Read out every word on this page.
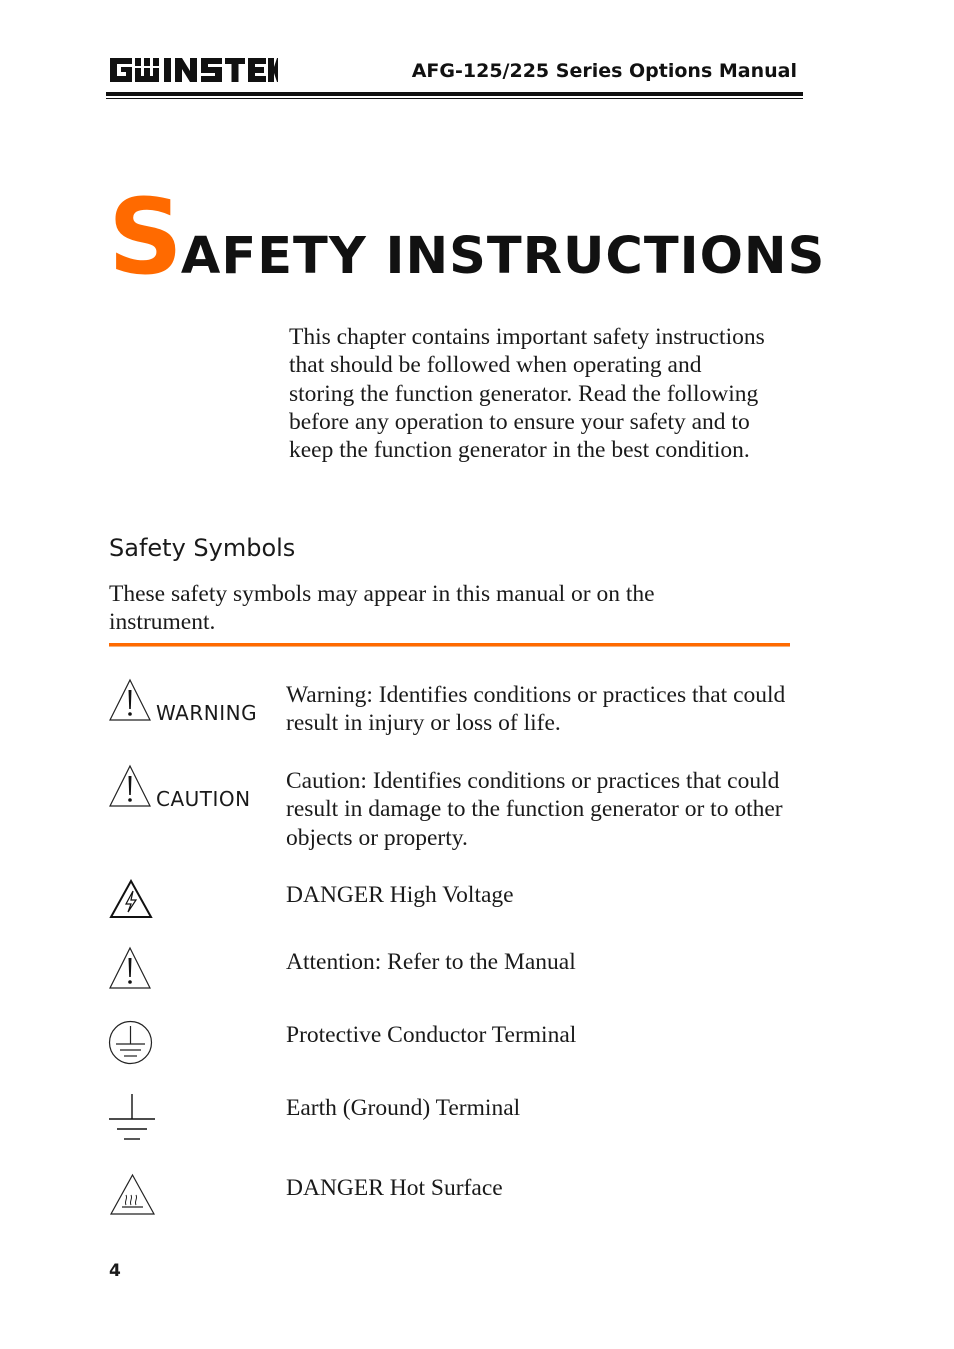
AFG-125/225 Series Options Manual
SAFETY INSTRUCTIONS

This chapter contains important safety instructions that should be followed when operating and storing the function generator. Read the following before any operation to ensure your safety and to keep the function generator in the best condition.

Safety Symbols

These safety symbols may appear in this manual or on the instrument.

WARNING

Warning: Identifies conditions or practices that could result in injury or loss of life.

CAUTION

Caution: Identifies conditions or practices that could result in damage to the function generator or to other objects or property.

DANGER High Voltage

Attention: Refer to the Manual

Protective Conductor Terminal

Earth (Ground) Terminal

DANGER Hot Surface

4
